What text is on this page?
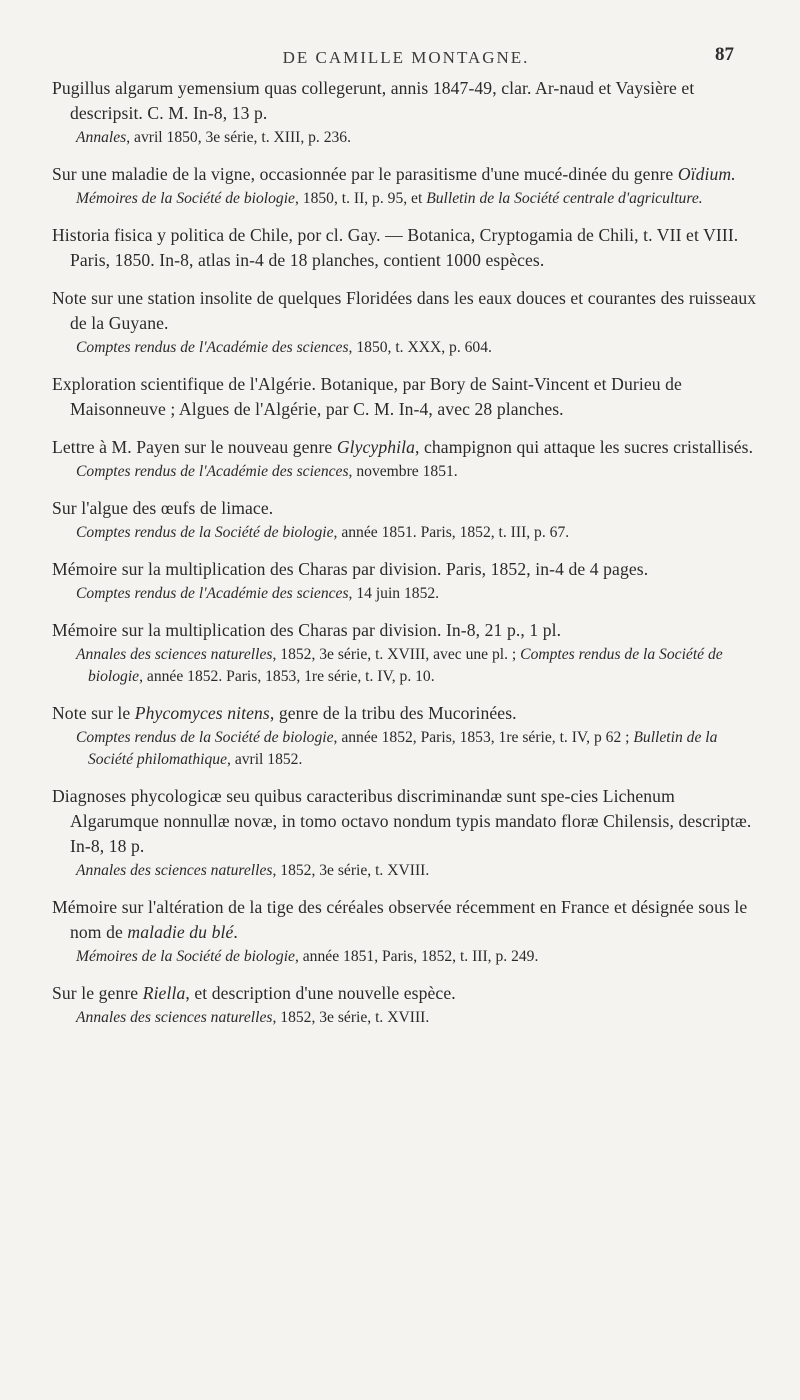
DE CAMILLE MONTAGNE.	87
Pugillus algarum yemensium quas collegerunt, annis 1847-49, clar. Ar-naud et Vaysière et descripsit. C. M. In-8, 13 p.
Annales, avril 1850, 3e série, t. XIII, p. 236.
Sur une maladie de la vigne, occasionnée par le parasitisme d'une mucé-dinée du genre Oïdium.
Mémoires de la Société de biologie, 1850, t. II, p. 95, et Bulletin de la Société centrale d'agriculture.
Historia fisica y politica de Chile, por cl. Gay. — Botanica, Cryptogamia de Chili, t. VII et VIII. Paris, 1850. In-8, atlas in-4 de 18 planches, contient 1000 espèces.
Note sur une station insolite de quelques Floridées dans les eaux douces et courantes des ruisseaux de la Guyane.
Comptes rendus de l'Académie des sciences, 1850, t. XXX, p. 604.
Exploration scientifique de l'Algérie. Botanique, par Bory de Saint-Vincent et Durieu de Maisonneuve ; Algues de l'Algérie, par C. M. In-4, avec 28 planches.
Lettre à M. Payen sur le nouveau genre Glycyphila, champignon qui attaque les sucres cristallisés.
Comptes rendus de l'Académie des sciences, novembre 1851.
Sur l'algue des œufs de limace.
Comptes rendus de la Société de biologie, année 1851. Paris, 1852, t. III, p. 67.
Mémoire sur la multiplication des Charas par division. Paris, 1852, in-4 de 4 pages.
Comptes rendus de l'Académie des sciences, 14 juin 1852.
Mémoire sur la multiplication des Charas par division. In-8, 21 p., 1 pl.
Annales des sciences naturelles, 1852, 3e série, t. XVIII, avec une pl. ; Comptes rendus de la Société de biologie, année 1852. Paris, 1853, 1re série, t. IV, p. 10.
Note sur le Phycomyces nitens, genre de la tribu des Mucorinées.
Comptes rendus de la Société de biologie, année 1852, Paris, 1853, 1re série, t. IV, p 62 ; Bulletin de la Société philomathique, avril 1852.
Diagnoses phycologicæ seu quibus caracteribus discriminandæ sunt spe-cies Lichenum Algarumque nonnullæ novæ, in tomo octavo nondum typis mandato floræ Chilensis, descriptæ. In-8, 18 p.
Annales des sciences naturelles, 1852, 3e série, t. XVIII.
Mémoire sur l'altération de la tige des céréales observée récemment en France et désignée sous le nom de maladie du blé.
Mémoires de la Société de biologie, année 1851, Paris, 1852, t. III, p. 249.
Sur le genre Riella, et description d'une nouvelle espèce.
Annales des sciences naturelles, 1852, 3e série, t. XVIII.
